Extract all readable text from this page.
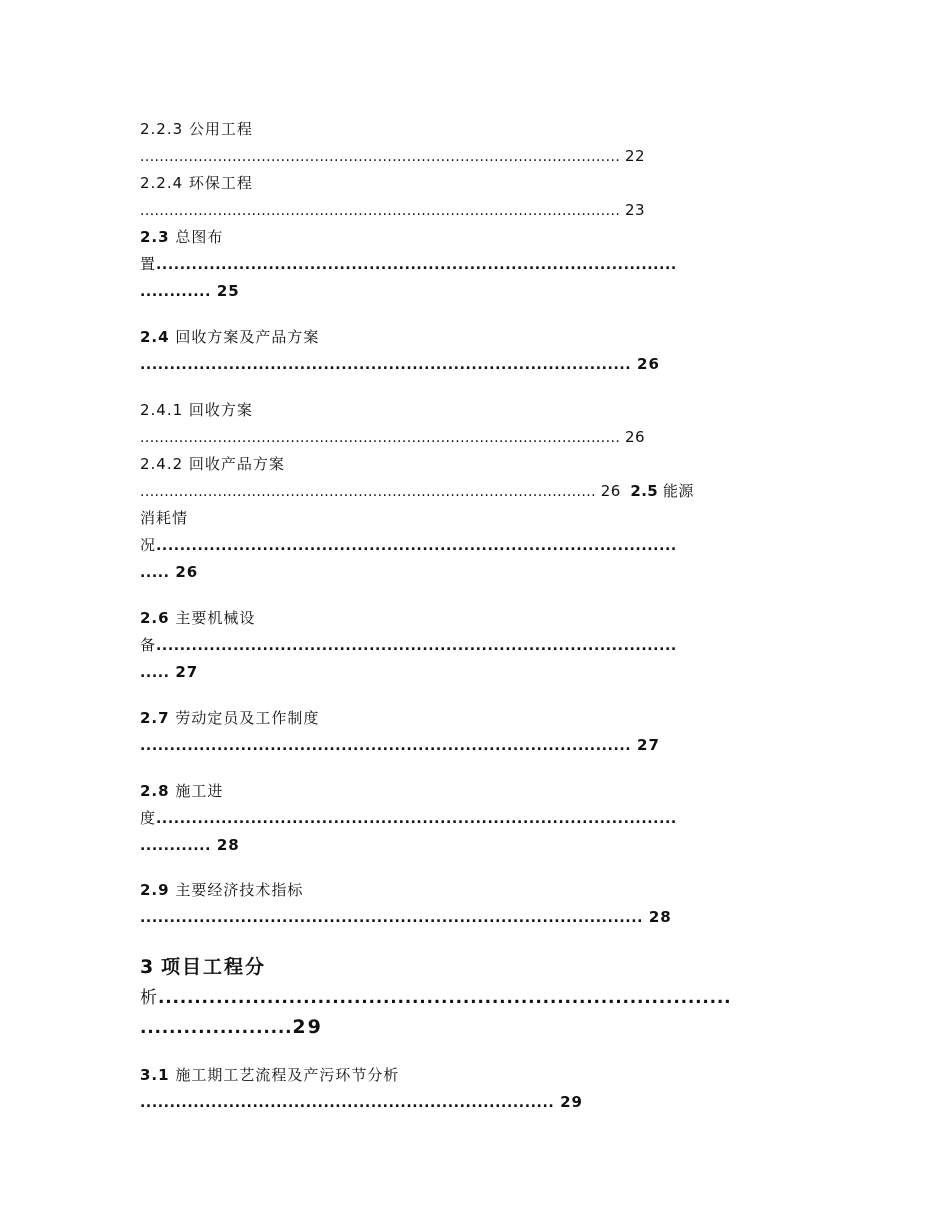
2.2.3 公用工程

................................................................................................... 22

2.2.4 环保工程

................................................................................................... 23

2.3 总图布

置........................................................................................

............ 25

2.4 回收方案及产品方案

................................................................................... 26

2.4.1 回收方案

................................................................................................... 26

2.4.2 回收产品方案

.............................................................................................. 26 2.5 能源

消耗情

况........................................................................................

..... 26

2.6 主要机械设

备........................................................................................

..... 27

2.7 劳动定员及工作制度

................................................................................... 27

2.8 施工进

度........................................................................................

............ 28

2.9 主要经济技术指标

..................................................................................... 28

3 项目工程分

析...............................................................................

.....................29

3.1 施工期工艺流程及产污环节分析

...................................................................... 29
